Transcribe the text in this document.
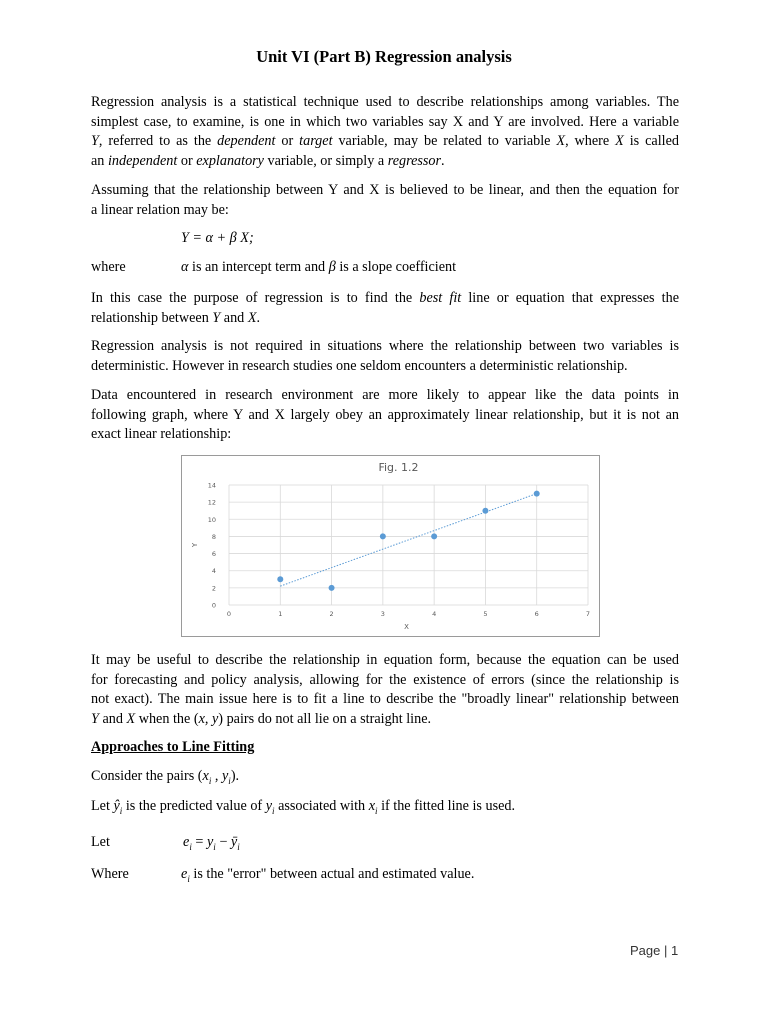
Unit VI (Part B) Regression analysis
Regression analysis is a statistical technique used to describe relationships among variables. The
simplest case, to examine, is one in which two variables say X and Y are involved. Here a variable
Y, referred to as the dependent or target variable, may be related to variable X, where X is called
an independent or explanatory variable, or simply a regressor.
Assuming that the relationship between Y and X is believed to be linear, and then the equation for
a linear relation may be:
Y = α + β X;
where	α is an intercept term and β is a slope coefficient
In this case the purpose of regression is to find the best fit line or equation that expresses the
relationship between Y and X.
Regression analysis is not required in situations where the relationship between two variables is
deterministic. However in research studies one seldom encounters a deterministic relationship.
Data encountered in research environment are more likely to appear like the data points in
following graph, where Y and X largely obey an approximately linear relationship, but it is not an
exact linear relationship:
Fig. 1.2
0
2
4
6
8
10
12
14
0	1	2	3	4	5	6	7
X
Y
It may be useful to describe the relationship in equation form, because the equation can be used
for forecasting and policy analysis, allowing for the existence of errors (since the relationship is
not exact). The main issue here is to fit a line to describe the "broadly linear" relationship between
Y and X when the (x, y) pairs do not all lie on a straight line.
Approaches to Line Fitting
Consider the pairs ($x_i$ , $y_i$).
Let $ŷ_i$ is the predicted value of $y_i$ associated with $x_i$ if the fitted line is used.
Let	$e_i = y_i$ − $ȳ_i$
Where	$e_i$ is the "error" between actual and estimated value.
Page | 1
